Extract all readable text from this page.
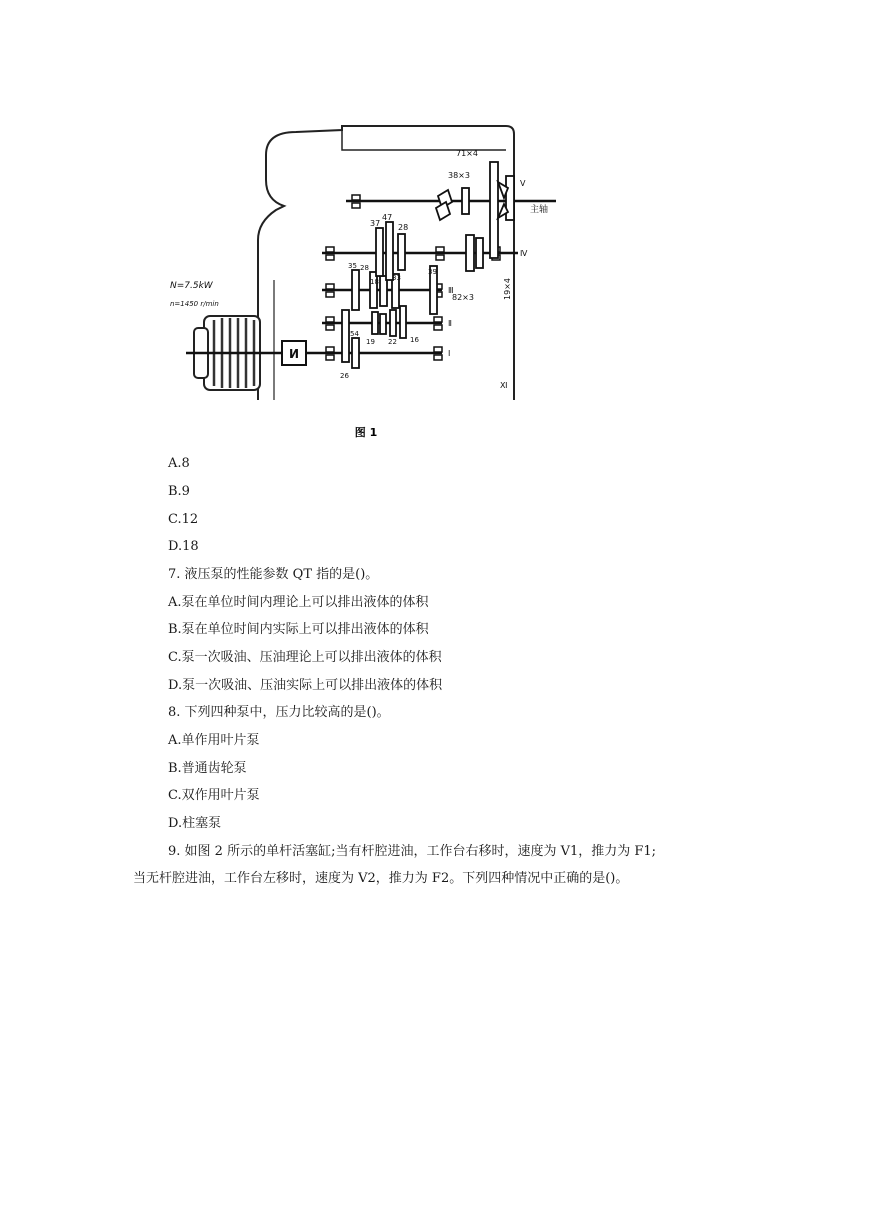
И
N=7.5kW
n=1450 r/min
71×4
38×3
37
47
28
35 28
18 33
39
54
19 22 16
26
82×3	19×4
Ⅰ
Ⅱ
Ⅲ
Ⅳ
Ⅴ
Ⅺ
主轴
图 1
A.8
B.9
C.12
D.18
7. 液压泵的性能参数 QT 指的是()。
A.泵在单位时间内理论上可以排出液体的体积
B.泵在单位时间内实际上可以排出液体的体积
C.泵一次吸油、压油理论上可以排出液体的体积
D.泵一次吸油、压油实际上可以排出液体的体积
8. 下列四种泵中，压力比较高的是()。
A.单作用叶片泵
B.普通齿轮泵
C.双作用叶片泵
D.柱塞泵
9. 如图 2 所示的单杆活塞缸;当有杆腔进油，工作台右移时，速度为 V1，推力为 F1;
当无杆腔进油，工作台左移时，速度为 V2，推力为 F2。下列四种情况中正确的是()。
